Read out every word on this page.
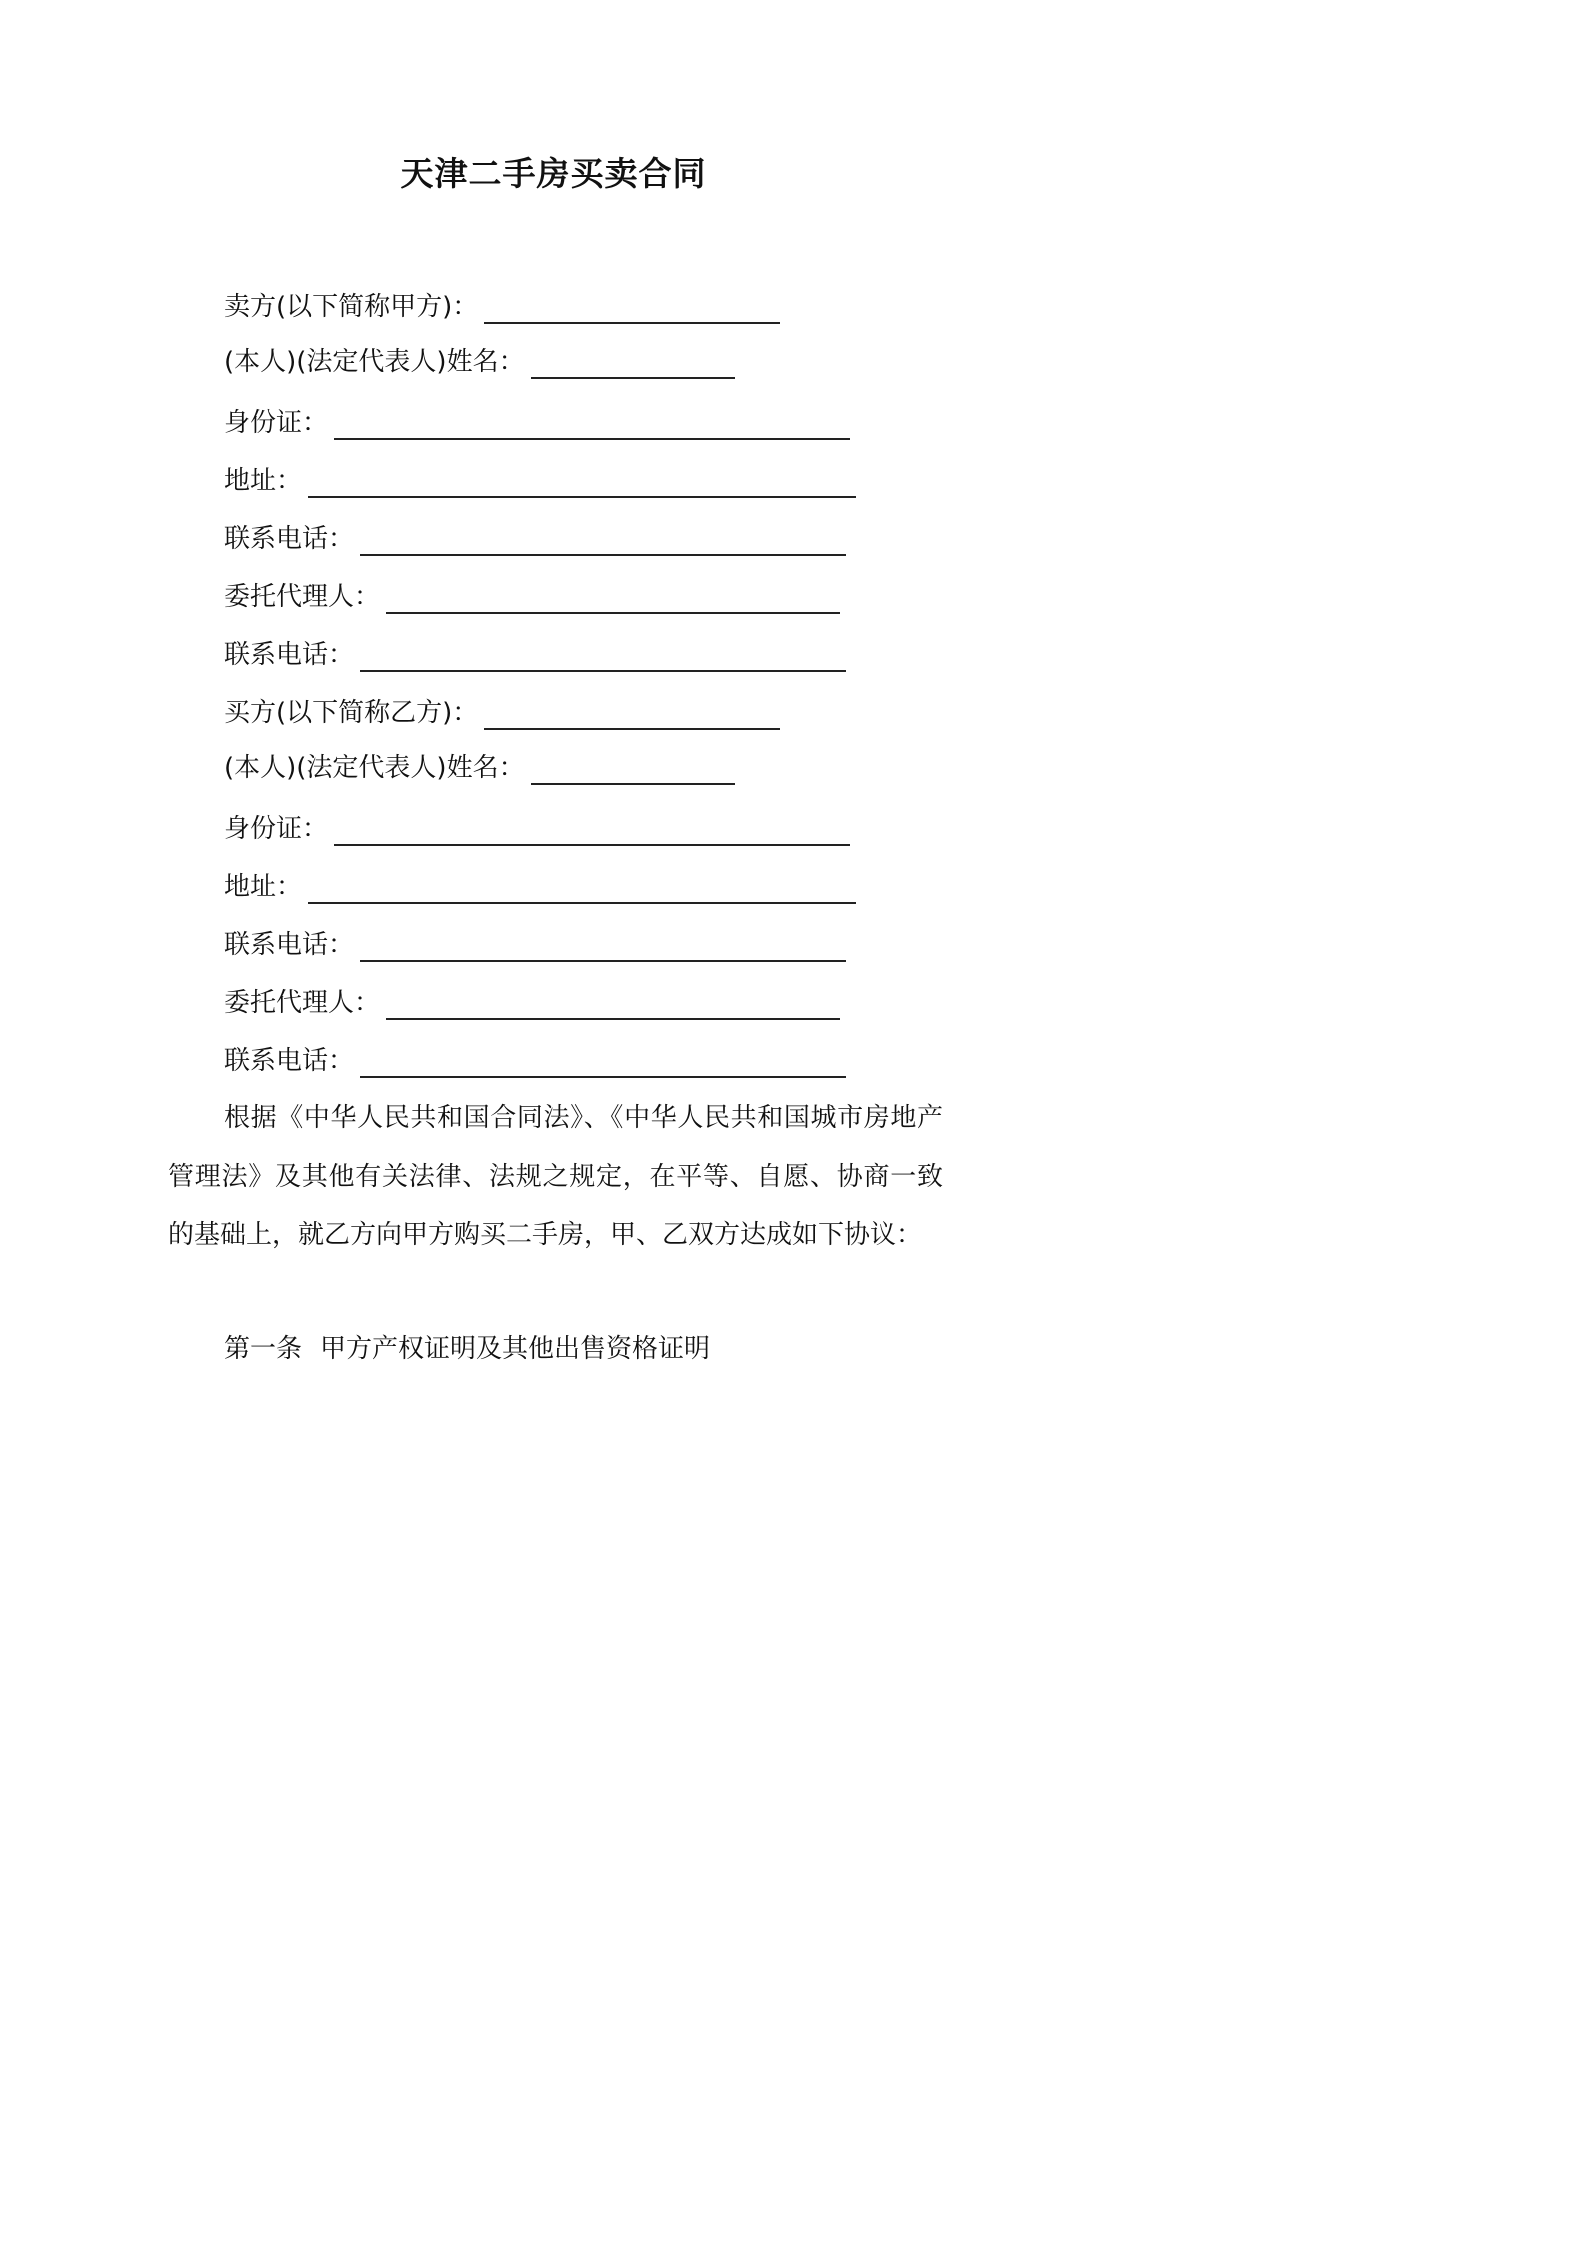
天津二手房买卖合同
卖方(以下简称甲方)：
(本人)(法定代表人)姓名：
身份证：
地址：
联系电话：
委托代理人：
联系电话：
买方(以下简称乙方)：
(本人)(法定代表人)姓名：
身份证：
地址：
联系电话：
委托代理人：
联系电话：
根据《中华人民共和国合同法》、《中华人民共和国城市房地产管理法》及其他有关法律、法规之规定，在平等、自愿、协商一致的基础上，就乙方向甲方购买二手房，甲、乙双方达成如下协议：
第一条 甲方产权证明及其他出售资格证明
